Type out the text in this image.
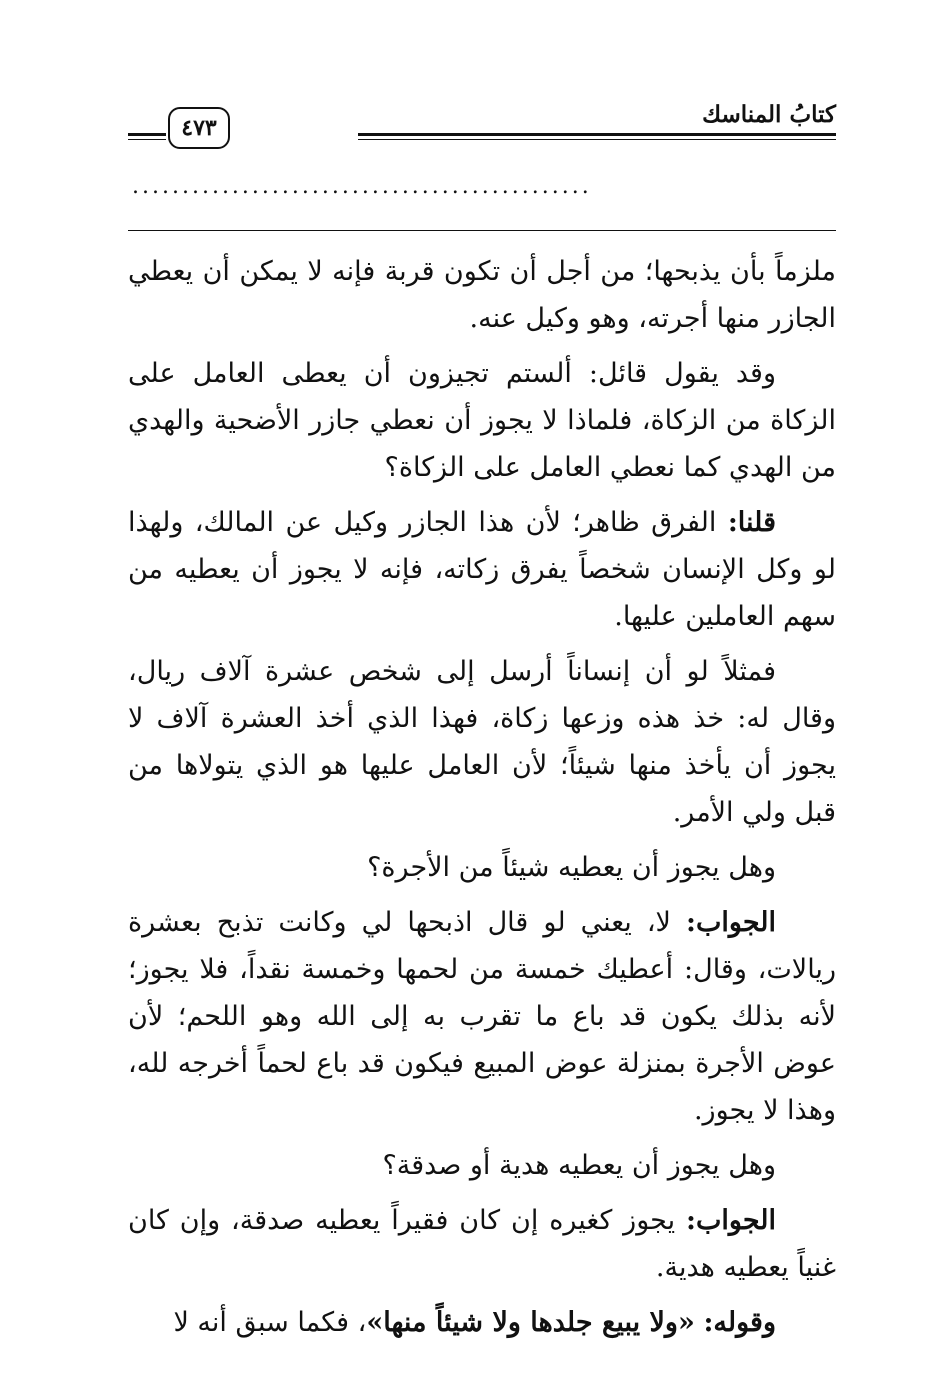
كتابُ المناسك
٤٧٣
..............................................

ملزماً بأن يذبحها؛ من أجل أن تكون قربة فإنه لا يمكن أن يعطي الجازر منها أجرته، وهو وكيل عنه.

وقد يقول قائل: ألستم تجيزون أن يعطى العامل على الزكاة من الزكاة، فلماذا لا يجوز أن نعطي جازر الأضحية والهدي من الهدي كما نعطي العامل على الزكاة؟

قلنا: الفرق ظاهر؛ لأن هذا الجازر وكيل عن المالك، ولهذا لو وكل الإنسان شخصاً يفرق زكاته، فإنه لا يجوز أن يعطيه من سهم العاملين عليها.

فمثلاً لو أن إنساناً أرسل إلى شخص عشرة آلاف ريال، وقال له: خذ هذه وزعها زكاة، فهذا الذي أخذ العشرة آلاف لا يجوز أن يأخذ منها شيئاً؛ لأن العامل عليها هو الذي يتولاها من قبل ولي الأمر.

وهل يجوز أن يعطيه شيئاً من الأجرة؟

الجواب: لا، يعني لو قال اذبحها لي وكانت تذبح بعشرة ريالات، وقال: أعطيك خمسة من لحمها وخمسة نقداً، فلا يجوز؛ لأنه بذلك يكون قد باع ما تقرب به إلى الله وهو اللحم؛ لأن عوض الأجرة بمنزلة عوض المبيع فيكون قد باع لحماً أخرجه لله، وهذا لا يجوز.

وهل يجوز أن يعطيه هدية أو صدقة؟

الجواب: يجوز كغيره إن كان فقيراً يعطيه صدقة، وإن كان غنياً يعطيه هدية.

وقوله: «ولا يبيع جلدها ولا شيئاً منها»، فكما سبق أنه لا
